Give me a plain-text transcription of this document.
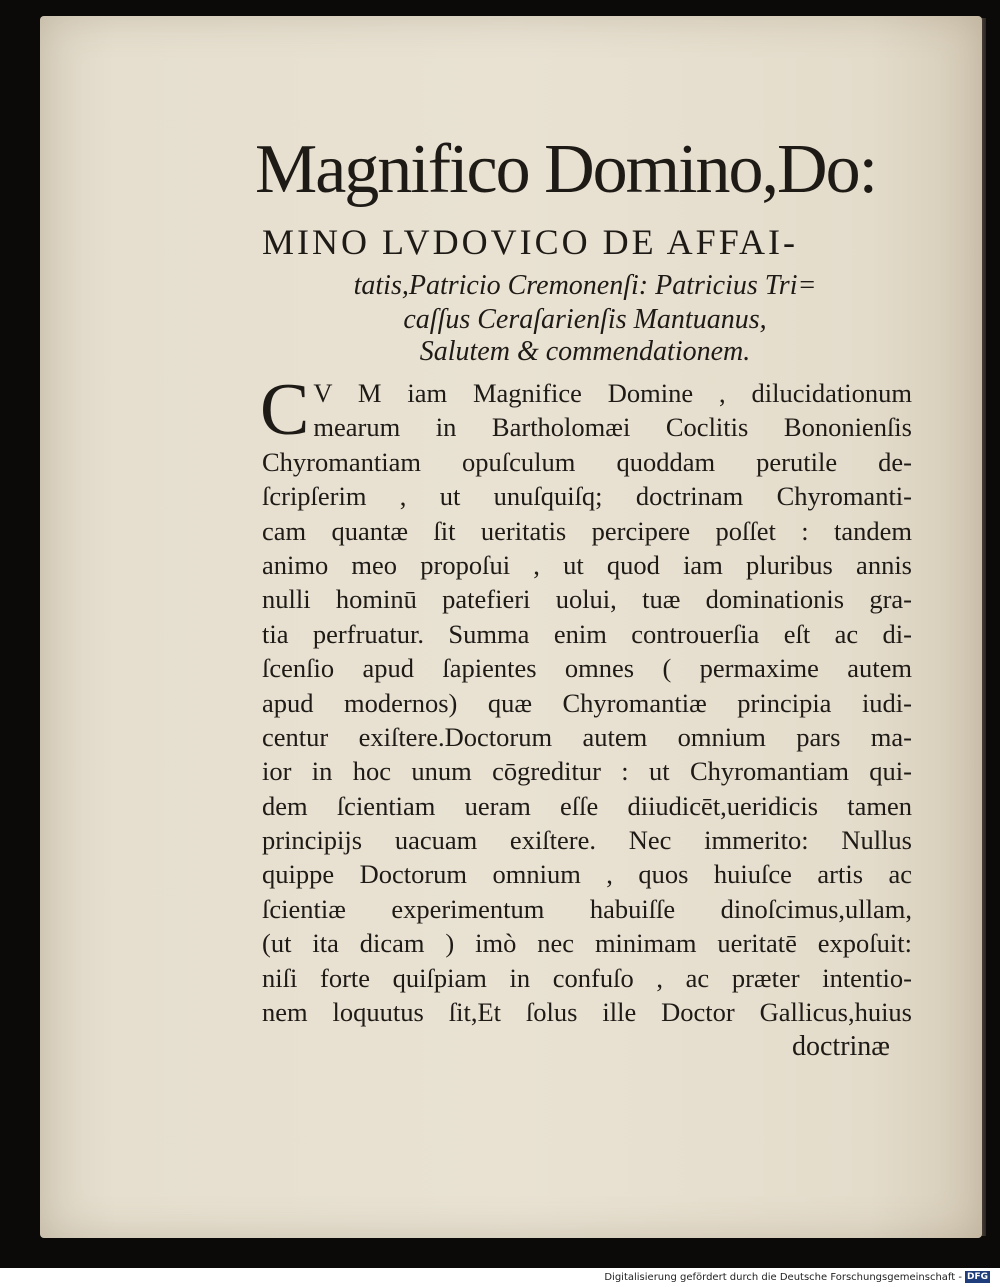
Magnifico Domino,Do:
MINO LVDOVICO DE AFFAI-
tatis,Patricio Cremonenſi: Patricius Tri=
caſſus Ceraſarienſis Mantuanus,
Salutem & commendationem.
C V M iam Magnifice Domine , dilucidationum
mearum in Bartholomæi Coclitis Bononienſis
Chyromantiam opuſculum quoddam perutile de-
ſcripſerim , ut unuſquiſq; doctrinam Chyromanti-
cam quantæ ſit ueritatis percipere poſſet : tandem
animo meo propoſui , ut quod iam pluribus annis
nulli hominū patefieri uolui, tuæ dominationis gra-
tia perfruatur. Summa enim controuerſia eſt ac di-
ſcenſio apud ſapientes omnes ( permaxime autem
apud modernos) quæ Chyromantiæ principia iudi-
centur exiſtere.Doctorum autem omnium pars ma-
ior in hoc unum cōgreditur : ut Chyromantiam qui-
dem ſcientiam ueram eſſe diiudicēt,ueridicis tamen
principijs uacuam exiſtere. Nec immerito: Nullus
quippe Doctorum omnium , quos huiuſce artis ac
ſcientiæ experimentum habuiſſe dinoſcimus,ullam,
(ut ita dicam ) imò nec minimam ueritatē expoſuit:
niſi forte quiſpiam in confuſo , ac præter intentio-
nem loquutus ſit,Et ſolus ille Doctor Gallicus,huius
doctrinæ
Digitalisierung gefördert durch die Deutsche Forschungsgemeinschaft - DFG
